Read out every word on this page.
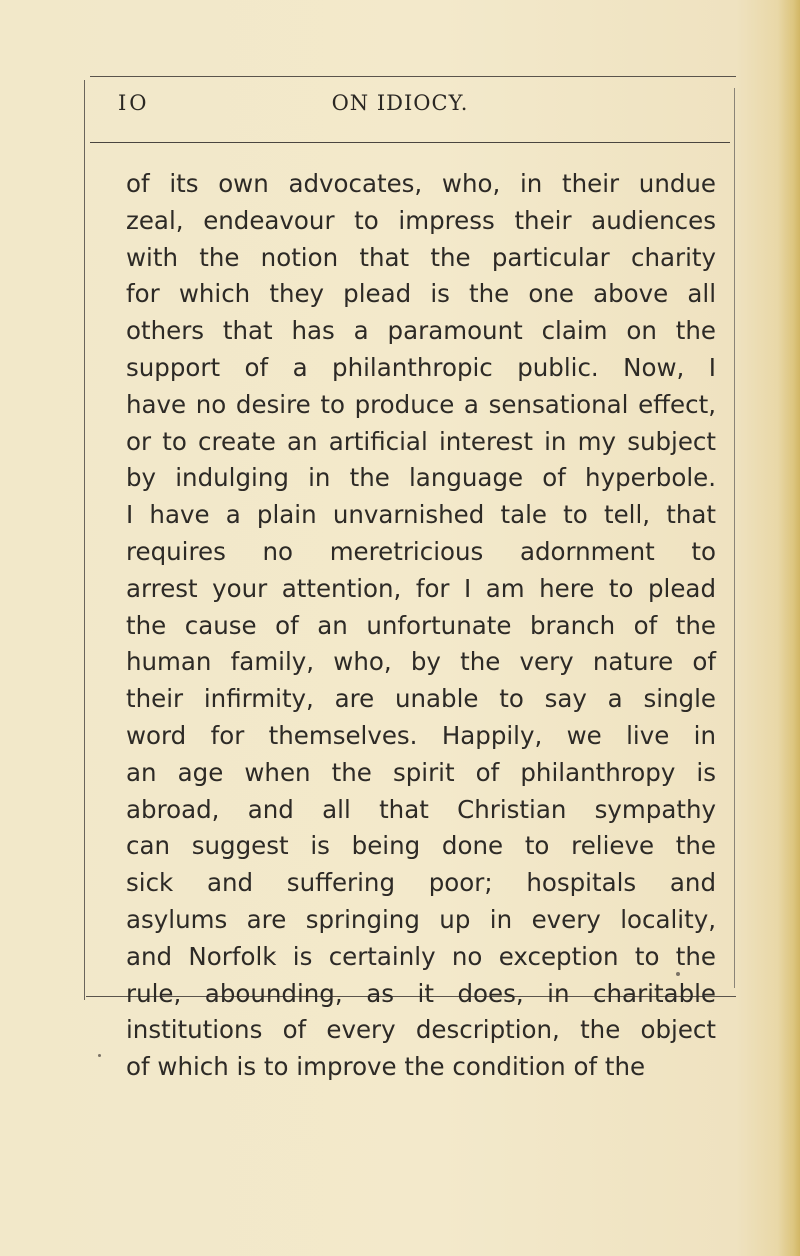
IO	ON IDIOCY.
of its own advocates, who, in their undue
zeal, endeavour to impress their audiences
with the notion that the particular charity
for which they plead is the one above all
others that has a paramount claim on the
support of a philanthropic public. Now, I
have no desire to produce a sensational effect,
or to create an artificial interest in my subject
by indulging in the language of hyperbole.
I have a plain unvarnished tale to tell, that
requires no meretricious adornment to
arrest your attention, for I am here to plead
the cause of an unfortunate branch of the
human family, who, by the very nature of
their infirmity, are unable to say a single
word for themselves. Happily, we live in
an age when the spirit of philanthropy is
abroad, and all that Christian sympathy
can suggest is being done to relieve the
sick and suffering poor; hospitals and
asylums are springing up in every locality,
and Norfolk is certainly no exception to the
rule, abounding, as it does, in charitable
institutions of every description, the object
of which is to improve the condition of the
